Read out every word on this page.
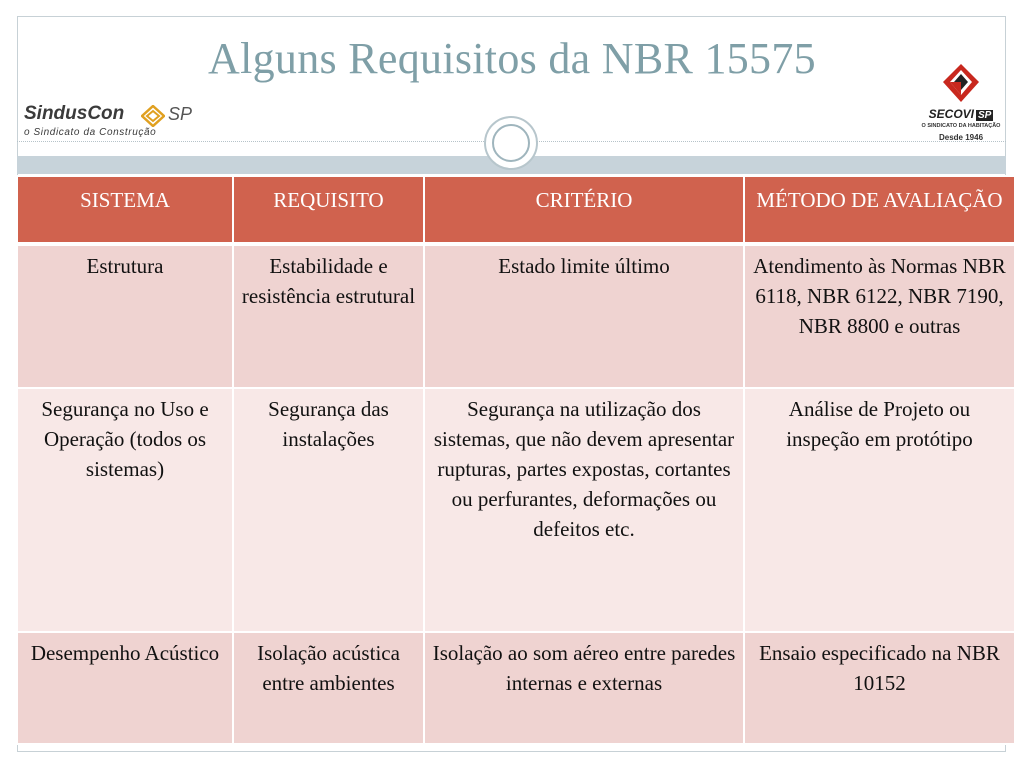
Alguns Requisitos da NBR 15575
SindusCon SP
o Sindicato da Construção
SECOVI SP
O SINDICATO DA HABITAÇÃO
Desde 1946
SISTEMA	REQUISITO	CRITÉRIO	MÉTODO DE AVALIAÇÃO
Estrutura	Estabilidade e resistência estrutural	Estado limite último	Atendimento às Normas NBR 6118, NBR 6122, NBR 7190, NBR 8800 e outras
Segurança no Uso e Operação (todos os sistemas)	Segurança das instalações	Segurança na utilização dos sistemas, que não devem apresentar rupturas, partes expostas, cortantes ou perfurantes, deformações ou defeitos etc.	Análise de Projeto ou inspeção em protótipo
Desempenho Acústico	Isolação acústica entre ambientes	Isolação ao som aéreo entre paredes internas e externas	Ensaio especificado na NBR 10152
